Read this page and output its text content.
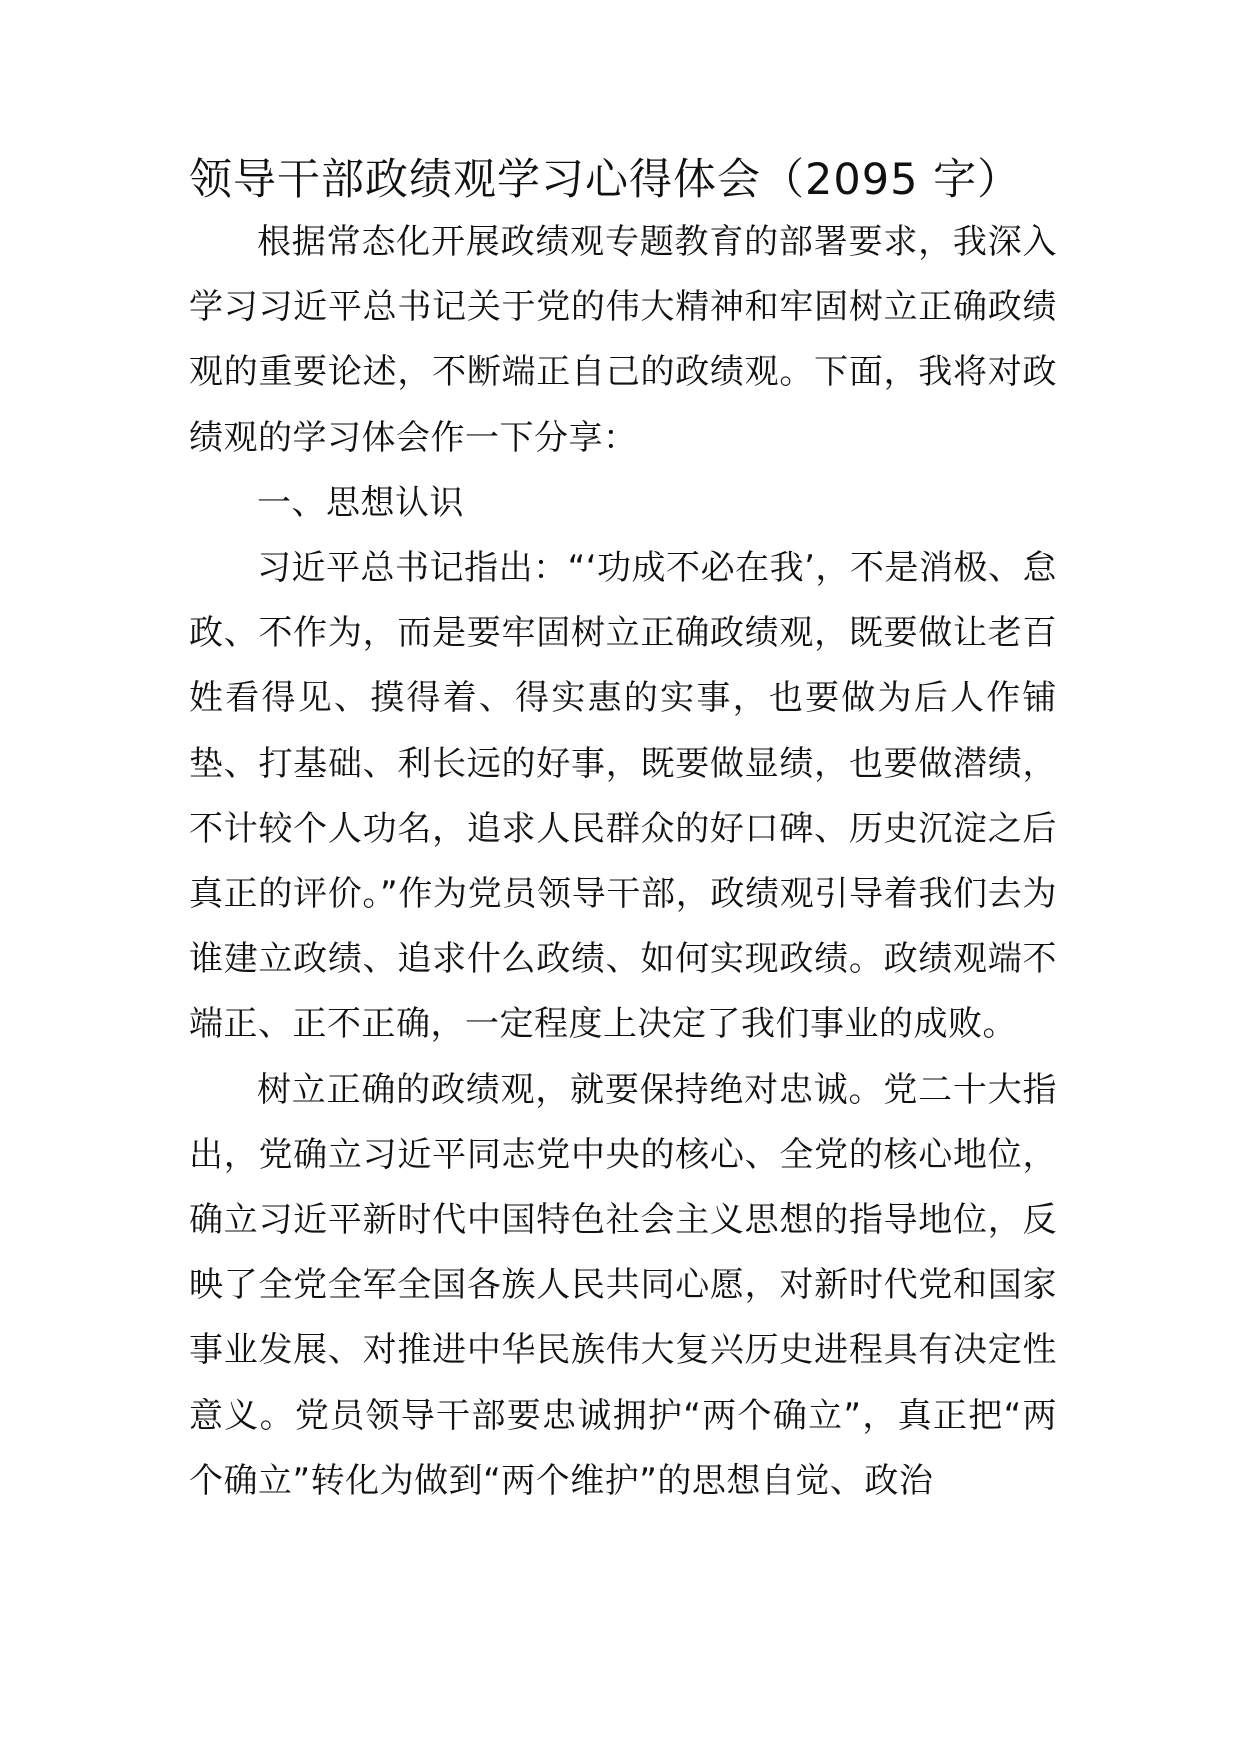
领导干部政绩观学习心得体会（2095 字）

根据常态化开展政绩观专题教育的部署要求，我深入学习习近平总书记关于党的伟大精神和牢固树立正确政绩观的重要论述，不断端正自己的政绩观。下面，我将对政绩观的学习体会作一下分享：

一、思想认识

习近平总书记指出：“‘功成不必在我’，不是消极、怠政、不作为，而是要牢固树立正确政绩观，既要做让老百姓看得见、摸得着、得实惠的实事，也要做为后人作铺垫、打基础、利长远的好事，既要做显绩，也要做潜绩，不计较个人功名，追求人民群众的好口碑、历史沉淀之后真正的评价。”作为党员领导干部，政绩观引导着我们去为谁建立政绩、追求什么政绩、如何实现政绩。政绩观端不端正、正不正确，一定程度上决定了我们事业的成败。

树立正确的政绩观，就要保持绝对忠诚。党二十大指出，党确立习近平同志党中央的核心、全党的核心地位，确立习近平新时代中国特色社会主义思想的指导地位，反映了全党全军全国各族人民共同心愿，对新时代党和国家事业发展、对推进中华民族伟大复兴历史进程具有决定性意义。党员领导干部要忠诚拥护“两个确立”，真正把“两个确立”转化为做到“两个维护”的思想自觉、政治
